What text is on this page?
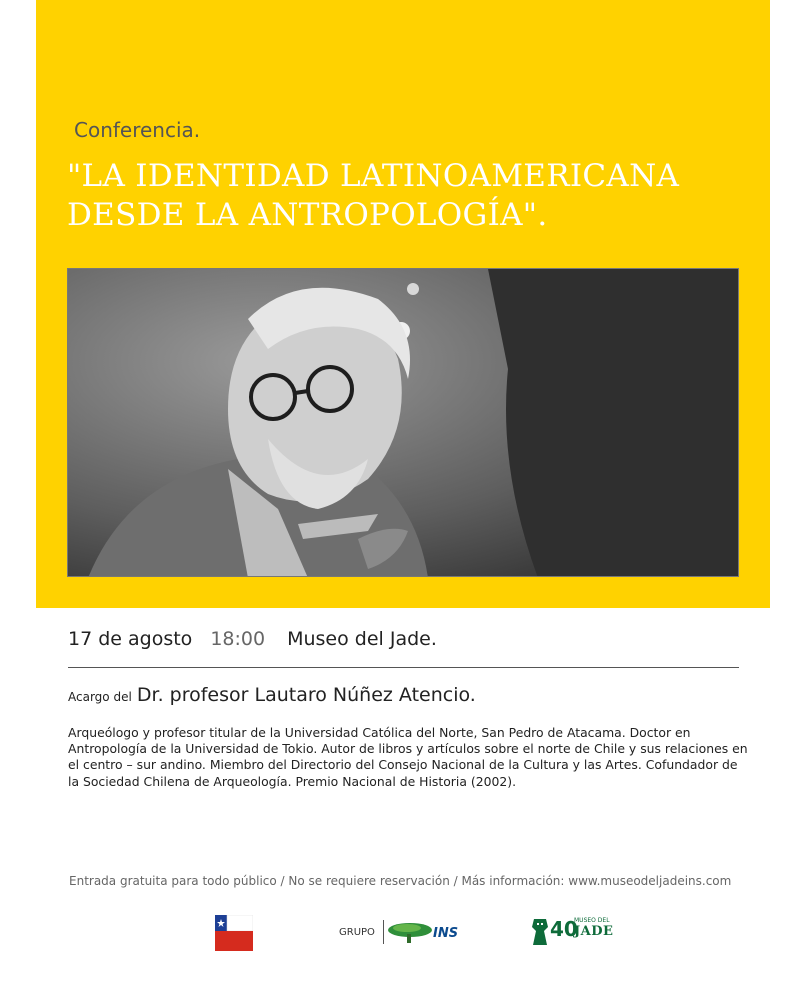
Conferencia.
"LA IDENTIDAD LATINOAMERICANA
DESDE LA ANTROPOLOGÍA".
17 de agosto 18:00 Museo del Jade.
Acargo del Dr. profesor Lautaro Núñez Atencio.
Arqueólogo y profesor titular de la Universidad Católica del Norte, San Pedro de Atacama. Doctor en Antropología de la Universidad de Tokio. Autor de libros y artículos sobre el norte de Chile y sus relaciones en el centro – sur andino. Miembro del Directorio del Consejo Nacional de la Cultura y las Artes. Cofundador de la Sociedad Chilena de Arqueología. Premio Nacional de Historia (2002).
Entrada gratuita para todo público / No se requiere reservación / Más información: www.museodeljadeins.com
GRUPO	INS	40
MUSEO DEL
JADE
